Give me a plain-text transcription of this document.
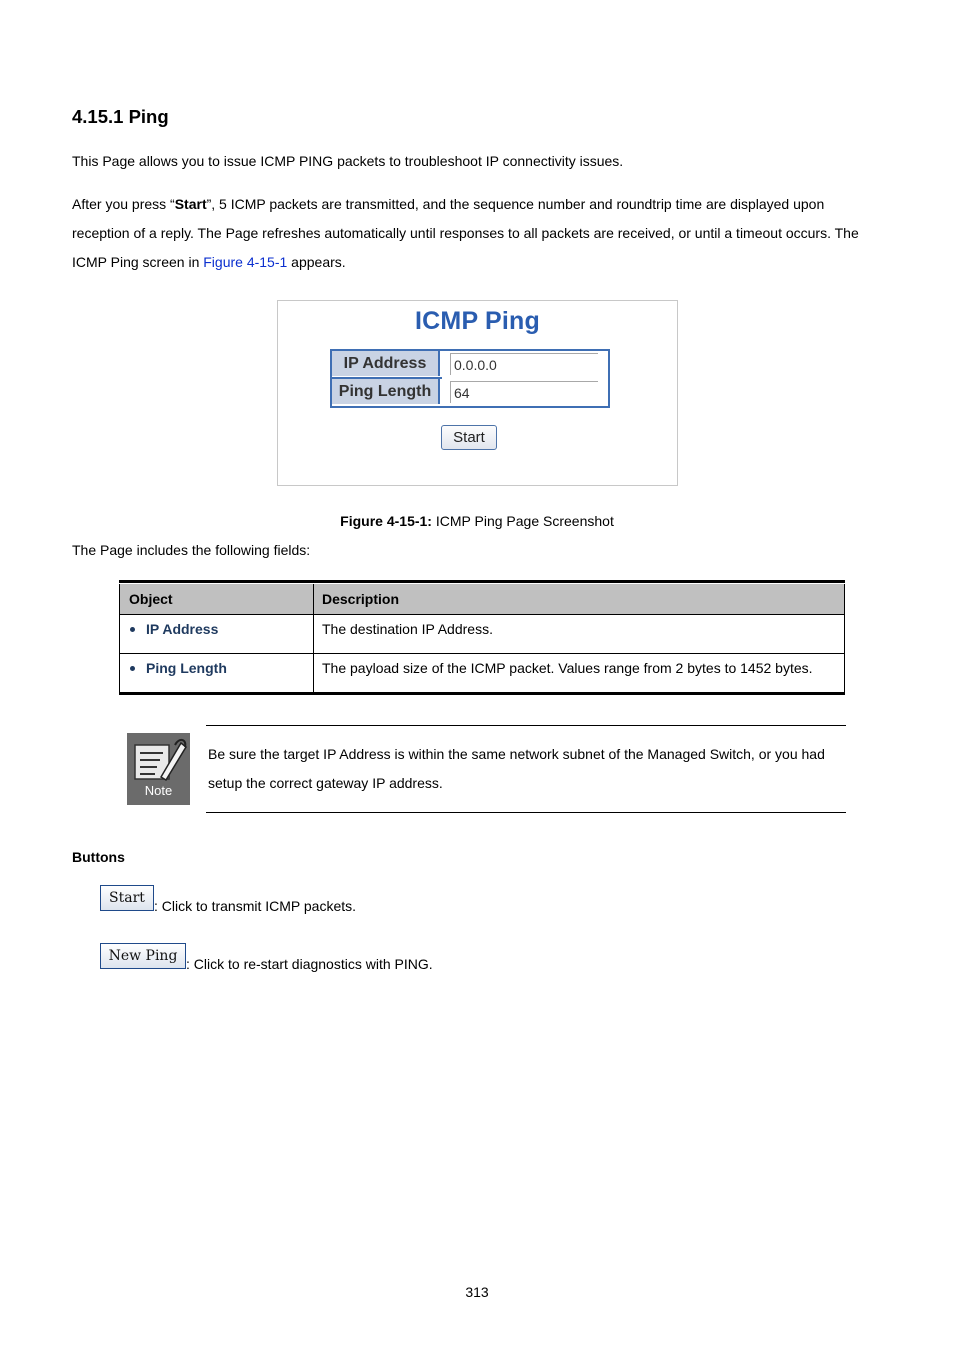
4.15.1 Ping
This Page allows you to issue ICMP PING packets to troubleshoot IP connectivity issues.
After you press “Start”, 5 ICMP packets are transmitted, and the sequence number and roundtrip time are displayed upon
reception of a reply. The Page refreshes automatically until responses to all packets are received, or until a timeout occurs. The
ICMP Ping screen in Figure 4-15-1 appears.
ICMP Ping
IP Address	0.0.0.0
Ping Length	64
Start
Figure 4-15-1: ICMP Ping Page Screenshot
The Page includes the following fields:
Object	Description
IP Address	The destination IP Address.
Ping Length	The payload size of the ICMP packet. Values range from 2 bytes to 1452 bytes.
Note
Be sure the target IP Address is within the same network subnet of the Managed Switch, or you had
setup the correct gateway IP address.
Buttons
Start : Click to transmit ICMP packets.
New Ping : Click to re-start diagnostics with PING.
313
